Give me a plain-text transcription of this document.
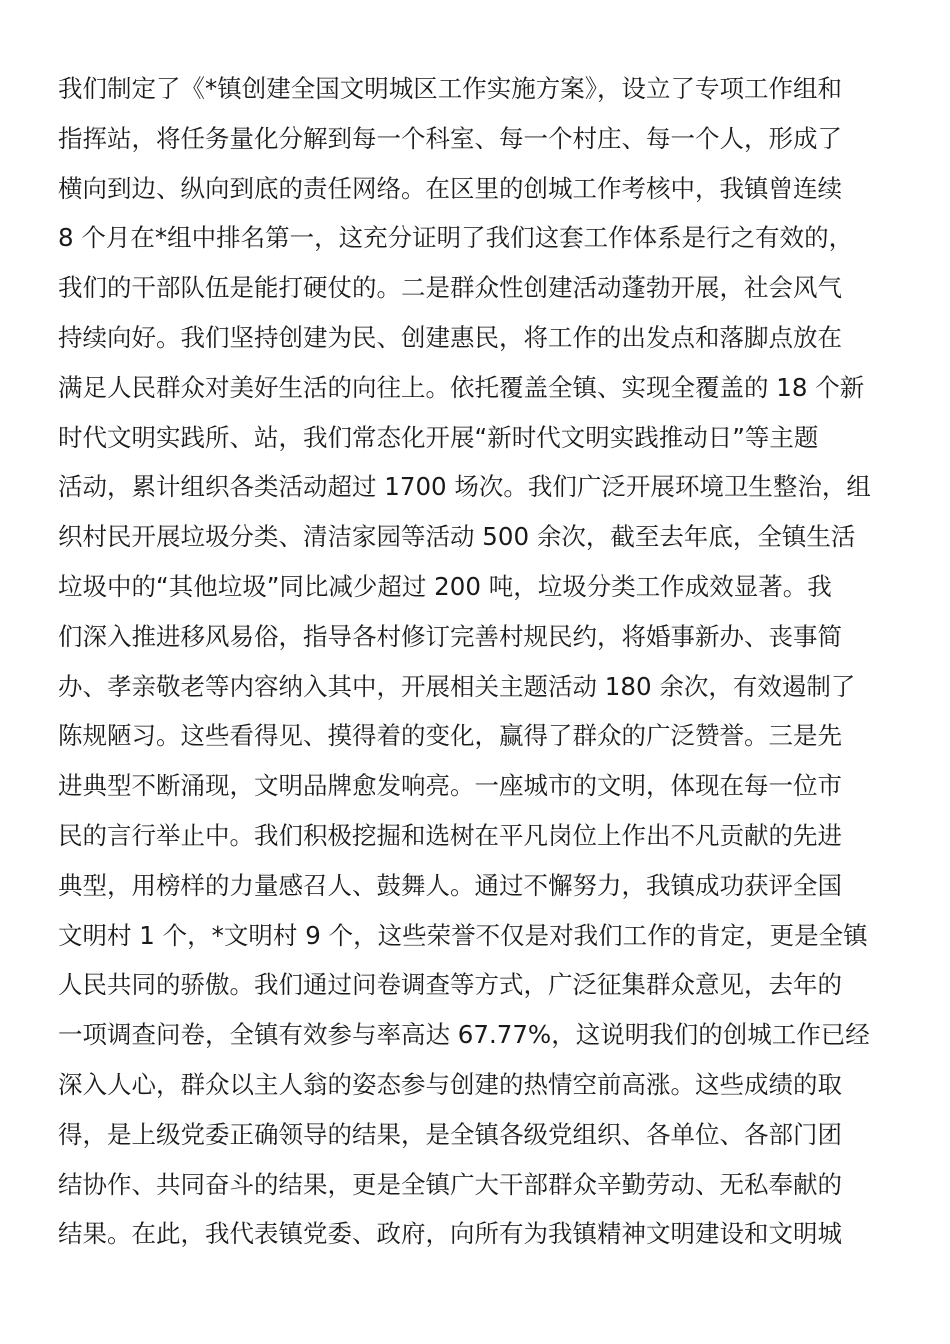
我们制定了《*镇创建全国文明城区工作实施方案》，设立了专项工作组和
指挥站，将任务量化分解到每一个科室、每一个村庄、每一个人，形成了
横向到边、纵向到底的责任网络。在区里的创城工作考核中，我镇曾连续
8 个月在*组中排名第一，这充分证明了我们这套工作体系是行之有效的，
我们的干部队伍是能打硬仗的。二是群众性创建活动蓬勃开展，社会风气
持续向好。我们坚持创建为民、创建惠民，将工作的出发点和落脚点放在
满足人民群众对美好生活的向往上。依托覆盖全镇、实现全覆盖的 18 个新
时代文明实践所、站，我们常态化开展“新时代文明实践推动日”等主题
活动，累计组织各类活动超过 1700 场次。我们广泛开展环境卫生整治，组
织村民开展垃圾分类、清洁家园等活动 500 余次，截至去年底，全镇生活
垃圾中的“其他垃圾”同比减少超过 200 吨，垃圾分类工作成效显著。我
们深入推进移风易俗，指导各村修订完善村规民约，将婚事新办、丧事简
办、孝亲敬老等内容纳入其中，开展相关主题活动 180 余次，有效遏制了
陈规陋习。这些看得见、摸得着的变化，赢得了群众的广泛赞誉。三是先
进典型不断涌现，文明品牌愈发响亮。一座城市的文明，体现在每一位市
民的言行举止中。我们积极挖掘和选树在平凡岗位上作出不凡贡献的先进
典型，用榜样的力量感召人、鼓舞人。通过不懈努力，我镇成功获评全国
文明村 1 个，*文明村 9 个，这些荣誉不仅是对我们工作的肯定，更是全镇
人民共同的骄傲。我们通过问卷调查等方式，广泛征集群众意见，去年的
一项调查问卷，全镇有效参与率高达 67.77%，这说明我们的创城工作已经
深入人心，群众以主人翁的姿态参与创建的热情空前高涨。这些成绩的取
得，是上级党委正确领导的结果，是全镇各级党组织、各单位、各部门团
结协作、共同奋斗的结果，更是全镇广大干部群众辛勤劳动、无私奉献的
结果。在此，我代表镇党委、政府，向所有为我镇精神文明建设和文明城
